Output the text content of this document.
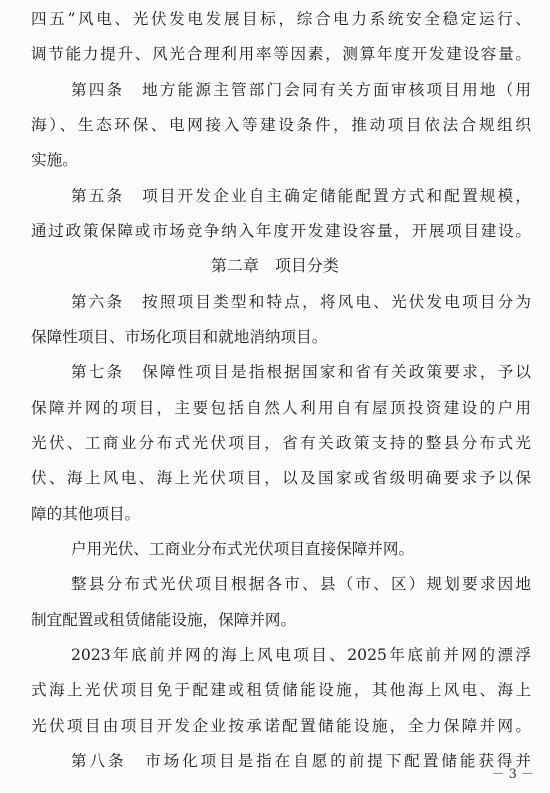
四五”风电、光伏发电发展目标，综合电力系统安全稳定运行、
调节能力提升、风光合理利用率等因素，测算年度开发建设容量。
第四条　地方能源主管部门会同有关方面审核项目用地（用
海）、生态环保、电网接入等建设条件，推动项目依法合规组织
实施。
第五条　项目开发企业自主确定储能配置方式和配置规模，
通过政策保障或市场竞争纳入年度开发建设容量，开展项目建设。
第二章　项目分类
第六条　按照项目类型和特点，将风电、光伏发电项目分为
保障性项目、市场化项目和就地消纳项目。
第七条　保障性项目是指根据国家和省有关政策要求，予以
保障并网的项目，主要包括自然人利用自有屋顶投资建设的户用
光伏、工商业分布式光伏项目，省有关政策支持的整县分布式光
伏、海上风电、海上光伏项目，以及国家或省级明确要求予以保
障的其他项目。
户用光伏、工商业分布式光伏项目直接保障并网。
整县分布式光伏项目根据各市、县（市、区）规划要求因地
制宜配置或租赁储能设施，保障并网。
2023年底前并网的海上风电项目、2025年底前并网的漂浮
式海上光伏项目免于配建或租赁储能设施，其他海上风电、海上
光伏项目由项目开发企业按承诺配置储能设施，全力保障并网。
第八条　市场化项目是指在自愿的前提下配置储能获得并
－ 3 －
